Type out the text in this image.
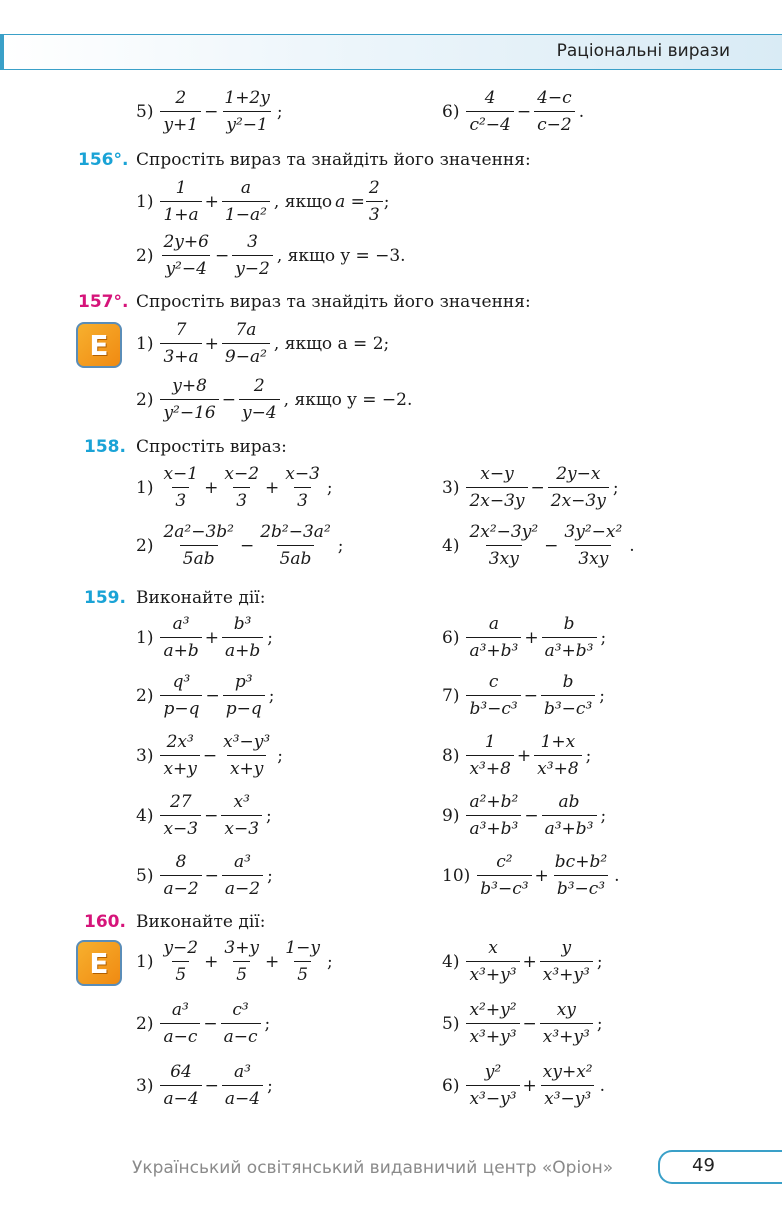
Раціональні вирази
$5) \frac{2}{y+1} - \frac{1+2y}{\text{y²−1}}$ ;	$6) \frac{4}{\text{c²−4}} - \frac{4-c}{c-2}$ .
156°. Спростіть вираз та знайдіть його значення:
$1) \frac{1}{1+a} + \frac{a}{\text{1−a²}}$ , якщо $a = \frac{2}{3}$ ;
$2) \frac{2y+6}{\text{y²−4}} - \frac{3}{y-2}$ , якщо y = −3.
157°. Спростіть вираз та знайдіть його значення:
Е $1) \frac{7}{3+a} + \frac{7a}{\text{9−a²}}$ , якщо a = 2;
$2) \frac{y+8}{\text{y²−16}} - \frac{2}{y-4}$ , якщо y = −2.
158. Спростіть вираз:
$1) \frac{x-1}{3} + \frac{x-2}{3} + \frac{x-3}{3}$ ;	$3) \frac{x-y}{2x-3y} - \frac{2y-x}{2x-3y}$ ;
$2) \frac{\text{2a²−3b²}}{5ab} - \frac{\text{2b²−3a²}}{5ab}$ ;	$4) \frac{\text{2x²−3y²}}{3xy} - \frac{\text{3y²−x²}}{3xy}$ .
159. Виконайте дії:
$1) \frac{\text{a³}}{a+b} + \frac{\text{b³}}{a+b}$ ;	$6) \frac{a}{\text{a³+b³}} + \frac{b}{\text{a³+b³}}$ ;
$2) \frac{\text{q³}}{p-q} - \frac{\text{p³}}{p-q}$ ;	$7) \frac{c}{\text{b³−c³}} - \frac{b}{\text{b³−c³}}$ ;
$3) \frac{\text{2x³}}{x+y} - \frac{\text{x³−y³}}{x+y}$ ;	$8) \frac{1}{\text{x³+8}} + \frac{1+x}{\text{x³+8}}$ ;
$4) \frac{27}{x-3} - \frac{\text{x³}}{x-3}$ ;	$9) \frac{\text{a²+b²}}{\text{a³+b³}} - \frac{ab}{\text{a³+b³}}$ ;
$5) \frac{8}{a-2} - \frac{\text{a³}}{a-2}$ ;	$10) \frac{\text{c²}}{\text{b³−c³}} + \frac{\text{bc+b²}}{\text{b³−c³}}$ .
160. Виконайте дії:
Е $1) \frac{y-2}{5} + \frac{3+y}{5} + \frac{1-y}{5}$ ;	$4) \frac{x}{\text{x³+y³}} + \frac{y}{\text{x³+y³}}$ ;
$2) \frac{\text{a³}}{a-c} - \frac{\text{c³}}{a-c}$ ;	$5) \frac{\text{x²+y²}}{\text{x³+y³}} - \frac{xy}{\text{x³+y³}}$ ;
$3) \frac{64}{a-4} - \frac{\text{a³}}{a-4}$ ;	$6) \frac{\text{y²}}{\text{x³−y³}} + \frac{\text{xy+x²}}{\text{x³−y³}}$ .
Український освітянський видавничий центр «Оріон»	49
